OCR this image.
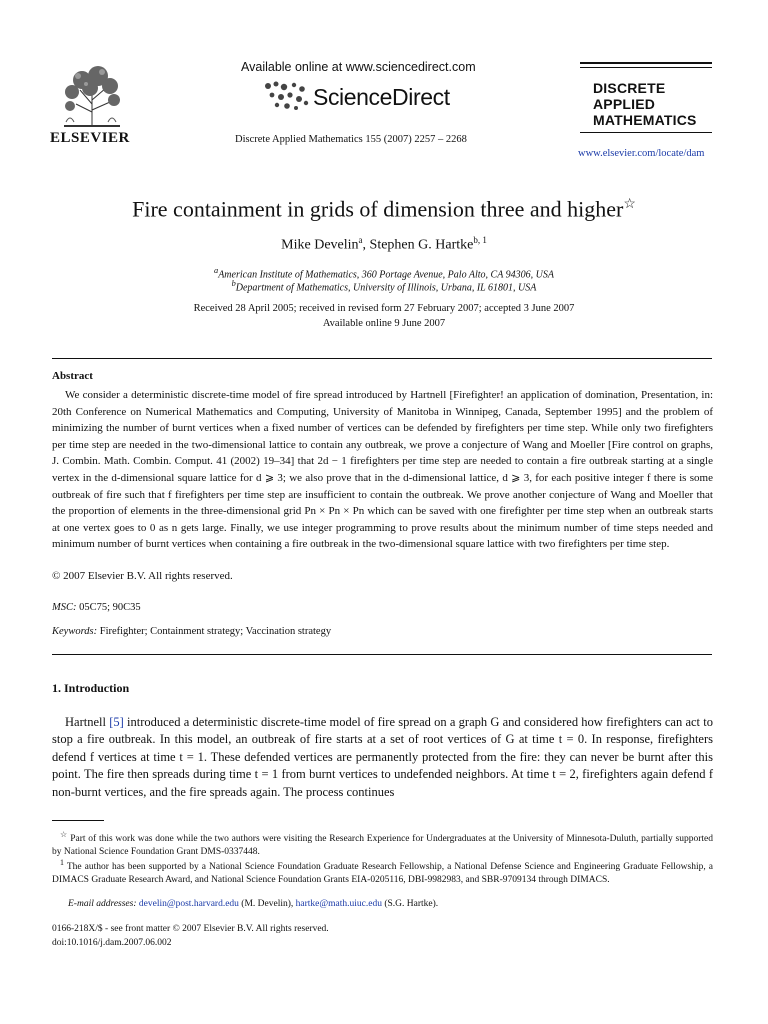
ELSEVIER
Available online at www.sciencedirect.com
ScienceDirect
Discrete Applied Mathematics 155 (2007) 2257 – 2268
DISCRETE
APPLIED
MATHEMATICS
www.elsevier.com/locate/dam
Fire containment in grids of dimension three and higher☆
Mike Develin$^a$, Stephen G. Hartke$^{b, 1}$
$^a$American Institute of Mathematics, 360 Portage Avenue, Palo Alto, CA 94306, USA
$^b$Department of Mathematics, University of Illinois, Urbana, IL 61801, USA
Received 28 April 2005; received in revised form 27 February 2007; accepted 3 June 2007
Available online 9 June 2007
Abstract

We consider a deterministic discrete-time model of fire spread introduced by Hartnell [Firefighter! an application of domination, Presentation, in: 20th Conference on Numerical Mathematics and Computing, University of Manitoba in Winnipeg, Canada, September 1995] and the problem of minimizing the number of burnt vertices when a fixed number of vertices can be defended by firefighters per time step. While only two firefighters per time step are needed in the two-dimensional lattice to contain any outbreak, we prove a conjecture of Wang and Moeller [Fire control on graphs, J. Combin. Math. Combin. Comput. 41 (2002) 19–34] that 2d − 1 firefighters per time step are needed to contain a fire outbreak starting at a single vertex in the d-dimensional square lattice for d ⩾ 3; we also prove that in the d-dimensional lattice, d ⩾ 3, for each positive integer f there is some outbreak of fire such that f firefighters per time step are insufficient to contain the outbreak. We prove another conjecture of Wang and Moeller that the proportion of elements in the three-dimensional grid Pn × Pn × Pn which can be saved with one firefighter per time step when an outbreak starts at one vertex goes to 0 as n gets large. Finally, we use integer programming to prove results about the minimum number of time steps needed and minimum number of burnt vertices when containing a fire outbreak in the two-dimensional square lattice with two firefighters per time step.

© 2007 Elsevier B.V. All rights reserved.
MSC: 05C75; 90C35
Keywords: Firefighter; Containment strategy; Vaccination strategy
1. Introduction

Hartnell [5] introduced a deterministic discrete-time model of fire spread on a graph G and considered how firefighters can act to stop a fire outbreak. In this model, an outbreak of fire starts at a set of root vertices of G at time t = 0. In response, firefighters defend f vertices at time t = 1. These defended vertices are permanently protected from the fire: they can never be burnt after this point. The fire then spreads during time t = 1 from burnt vertices to undefended neighbors. At time t = 2, firefighters again defend f non-burnt vertices, and the fire spreads again. The process continues

☆ Part of this work was done while the two authors were visiting the Research Experience for Undergraduates at the University of Minnesota-Duluth, partially supported by National Science Foundation Grant DMS-0337448.

$^1$ The author has been supported by a National Science Foundation Graduate Research Fellowship, a National Defense Science and Engineering Graduate Fellowship, a DIMACS Graduate Research Award, and National Science Foundation Grants EIA-0205116, DBI-9982983, and SBR-9709134 through DIMACS.

E-mail addresses: develin@post.harvard.edu (M. Develin), hartke@math.uiuc.edu (S.G. Hartke).
0166-218X/$ - see front matter © 2007 Elsevier B.V. All rights reserved.
doi:10.1016/j.dam.2007.06.002
